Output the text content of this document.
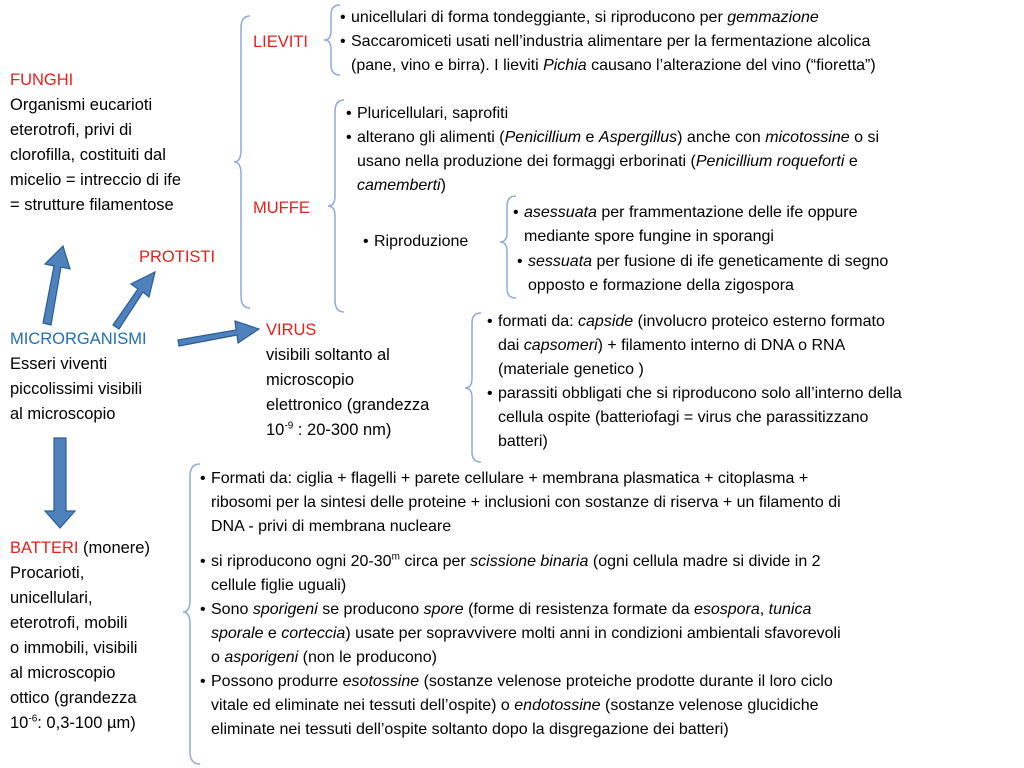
FUNGHI
Organismi eucarioti
eterotrofi, privi di
clorofilla, costituiti dal
micelio = intreccio di ife
= strutture filamentose
PROTISTI
MICRORGANISMI
Esseri viventi
piccolissimi visibili
al microscopio
LIEVITI
• unicellulari di forma tondeggiante, si riproducono per gemmazione
• Saccaromiceti usati nell’industria alimentare per la fermentazione alcolica
(pane, vino e birra). I lieviti Pichia causano l’alterazione del vino (“fioretta”)
MUFFE
• Pluricellulari, saprofiti
• alterano gli alimenti (Penicillium e Aspergillus) anche con micotossine o si
usano nella produzione dei formaggi erborinati (Penicillium roqueforti e
camemberti)
• Riproduzione
• asessuata per frammentazione delle ife oppure
mediante spore fungine in sporangi
• sessuata per fusione di ife geneticamente di segno
opposto e formazione della zigospora
VIRUS
visibili soltanto al
microscopio
elettronico (grandezza
$10^{-9}$ : 20-300 nm)
• formati da: capside (involucro proteico esterno formato
dai capsomeri) + filamento interno di DNA o RNA
(materiale genetico )
• parassiti obbligati che si riproducono solo all’interno della
cellula ospite (batteriofagi = virus che parassitizzano
batteri)
BATTERI (monere)
Procarioti,
unicellulari,
eterotrofi, mobili
o immobili, visibili
al microscopio
ottico (grandezza
$10^{-6}$: 0,3-100 µm)
• Formati da: ciglia + flagelli + parete cellulare + membrana plasmatica + citoplasma +
ribosomi per la sintesi delle proteine + inclusioni con sostanze di riserva + un filamento di
DNA - privi di membrana nucleare
• si riproducono ogni 20-30$^m$ circa per scissione binaria (ogni cellula madre si divide in 2
cellule figlie uguali)
• Sono sporigeni se producono spore (forme di resistenza formate da esospora, tunica
sporale e corteccia) usate per sopravvivere molti anni in condizioni ambientali sfavorevoli
o asporigeni (non le producono)
• Possono produrre esotossine (sostanze velenose proteiche prodotte durante il loro ciclo
vitale ed eliminate nei tessuti dell’ospite) o endotossine (sostanze velenose glucidiche
eliminate nei tessuti dell’ospite soltanto dopo la disgregazione dei batteri)
